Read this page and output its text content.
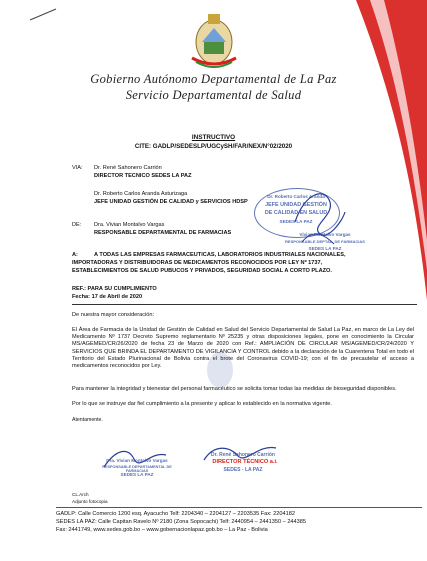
Gobierno Autónomo Departamental de La Paz
Servicio Departamental de Salud
INSTRUCTIVO
CITE: GADLP/SEDESLP/UGCySH/FAR/NEX/N°02/2020
VIA: Dr. René Sahonero Carrión
DIRECTOR TECNICO SEDES LA PAZ
Dr. Roberto Carlos Aranda Asturizaga
JEFE UNIDAD GESTIÓN DE CALIDAD y SERVICIOS HDSP
DE: Dra. Vivian Montalvo Vargas
RESPONSABLE DEPARTAMENTAL DE FARMACIAS
Dr. Roberto Carlos Aranda
JEFE UNIDAD GESTIÓN
DE CALIDAD EN SALUD
SEDES LA PAZ
Vivian Montalvo Vargas
RESPONSABLE DEPTAL. DE FARMACIAS
SEDES LA PAZ
A:	A TODAS LAS EMPRESAS FARMACEUTICAS, LABORATORIOS INDUSTRIALES NACIONALES,
IMPORTADORAS Y DISTRIBUIDORAS DE MEDICAMENTOS RECONOCIDOS POR LEY Nº 1737,
ESTABLECIMIENTOS DE SALUD PUBUCOS Y PRIVADOS, SEGURIDAD SOCIAL A CORTO PLAZO.
REF.: PARA SU CUMPLIMIENTO
Fecha: 17 de Abril de 2020
De nuestra mayor consideración:
El Área de Farmacia de la Unidad de Gestión de Calidad en Salud del Servicio Departamental de Salud La Paz, en marco de La Ley del Medicamento Nº 1737 Decreto Supremo reglamentario Nº 25235 y otras disposiciones legales, pone en conocimiento la Circular MS/AGEMED/CR/26/2020 de fecha 23 de Marzo de 2020 con Ref.: AMPLIACIÓN DE CIRCULAR MS/AGEMED/CR/24/2020 Y SERVICIOS QUE BRINDA EL DEPARTAMENTO DE VIGILANCIA Y CONTROL debido a la declaración de la Cuarentena Total en todo el Territorio del Estado Plurinacional de Bolivia contra el brote del Coronavirus COVID-19; con el fin de precautelar el acceso a medicamentos reconocidos por Ley.
Para mantener la integridad y bienestar del personal farmacéutico se solicita tomar todas las medidas de bioseguridad disponibles.
Por lo que se instruye dar fiel cumplimiento a la presente y aplicar lo establecido en la normativa vigente.
Atentamente.
Dra. Vivian Montalvo Vargas
RESPONSABLE DEPARTAMENTAL DE FARMACIAS
SEDES LA PAZ
Dr. René Sahonero Carrión
DIRECTOR TÉCNICO a.i.
SEDES - LA PAZ
CL.Arch
Adjunto fotocopia
GADLP: Calle Comercio 1200 esq. Ayacucho Telf: 2204340 – 2204127 – 2203535 Fax: 2204182
SEDES LA PAZ: Calle Capitan Ravelo Nº 2180 (Zona Sopocachi) Telf: 2440954 – 2441350 – 244385
Fax: 2441749, www.sedes.gob.bo – www.gobernacionlapaz.gob.bo – La Paz - Bolivia
